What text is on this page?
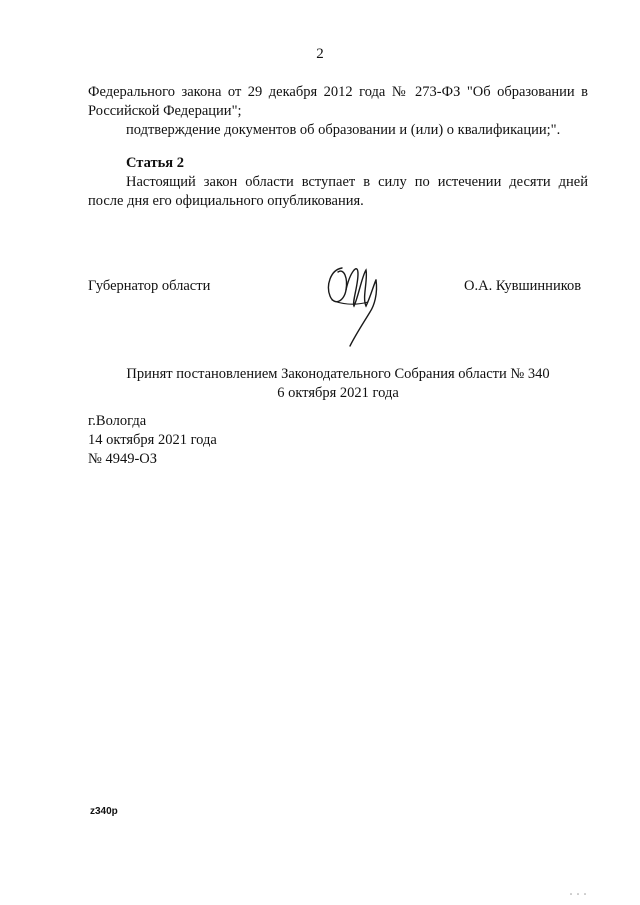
2
Федерального закона от 29 декабря 2012 года № 273-ФЗ "Об образовании в
Российской Федерации";
подтверждение документов об образовании и (или) о квалификации;".
Статья 2
Настоящий закон области вступает в силу по истечении десяти дней
после дня его официального опубликования.
Губернатор области	О.А. Кувшинников
Принят постановлением Законодательного Собрания области № 340
6 октября 2021 года
г.Вологда
14 октября 2021 года
№ 4949-ОЗ
z340p
